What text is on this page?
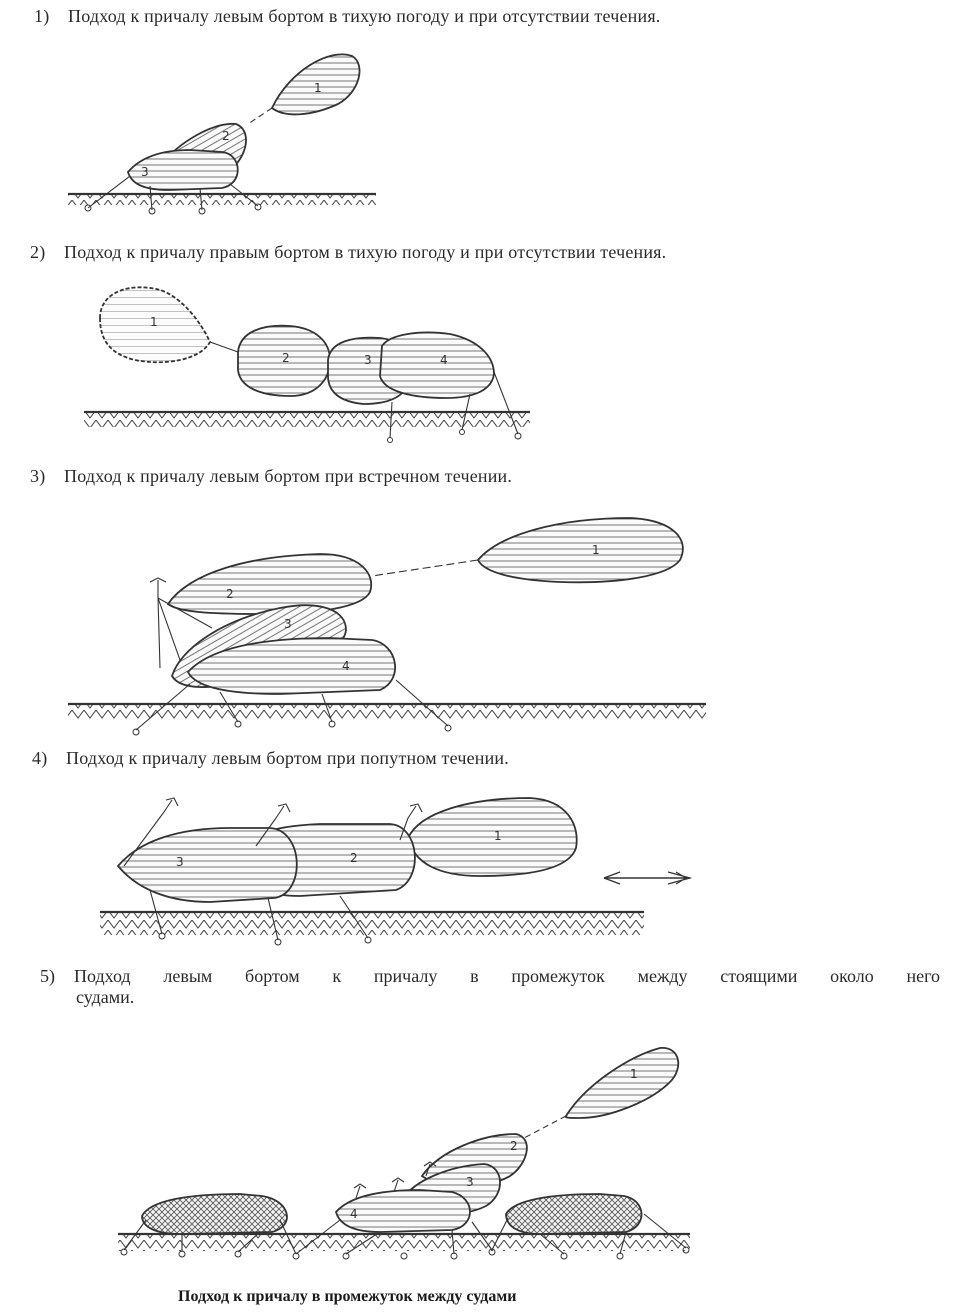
1) Подход к причалу левым бортом в тихую погоду и при отсутствии течения.
2) Подход к причалу правым бортом в тихую погоду и при отсутствии течения.
3) Подход к причалу левым бортом при встречном течении.
4) Подход к причалу левым бортом при попутном течении.
5) Подход левым бортом к причалу в промежуток между стоящими около него
судами.
Подход к причалу в промежуток между судами
1
2
3
1
2	3	4
1
2
3
4
1
2
3
1
2
3
4
